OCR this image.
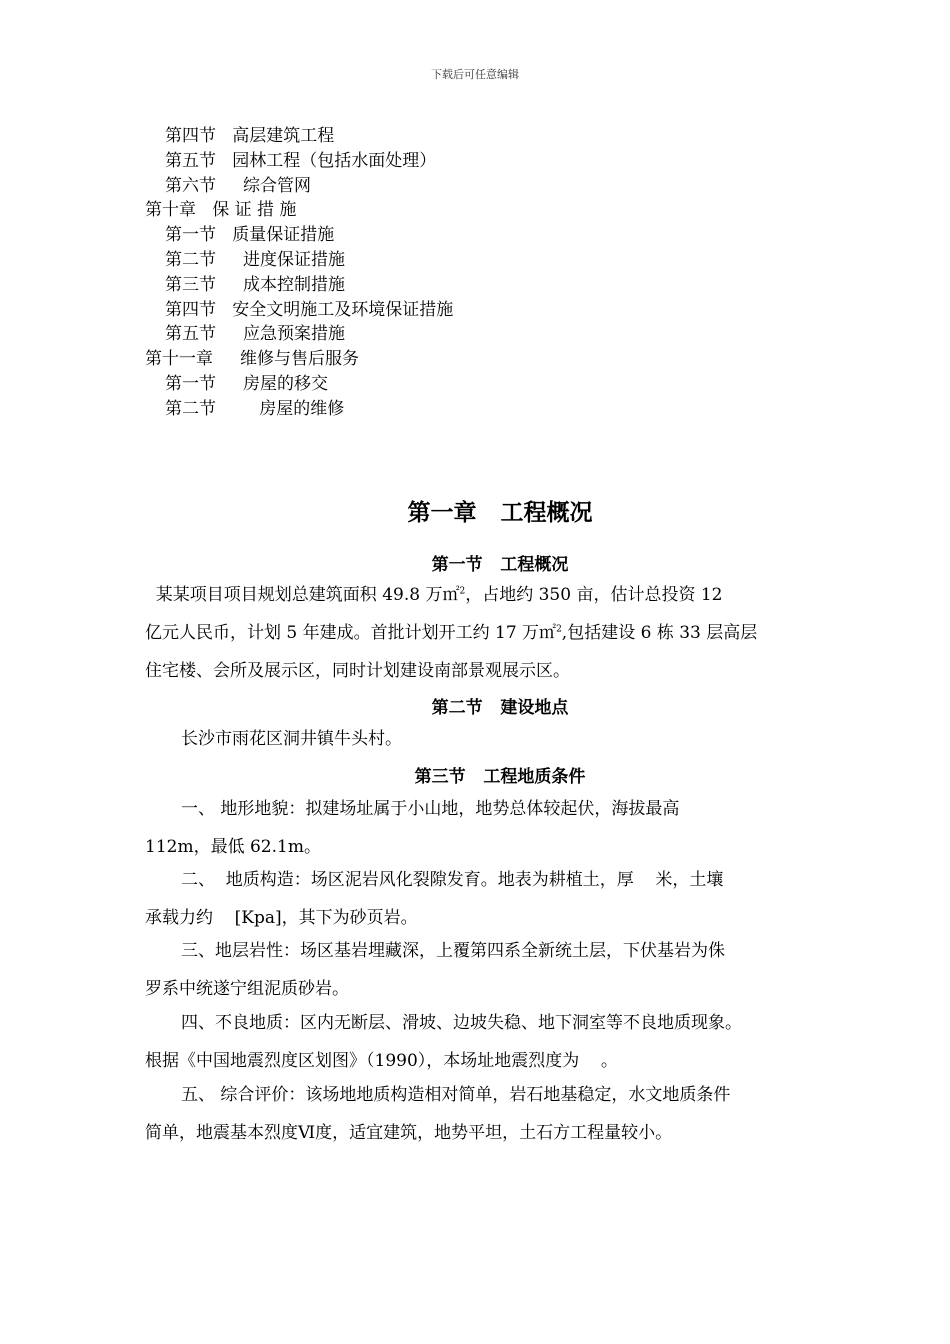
下载后可任意编辑
第四节   高层建筑工程
第五节   园林工程（包括水面处理）
第六节     综合管网
第十章   保 证 措 施
第一节   质量保证措施
第二节     进度保证措施
第三节     成本控制措施
第四节   安全文明施工及环境保证措施
第五节     应急预案措施
第十一章     维修与售后服务
第一节     房屋的移交
第二节        房屋的维修
第一章   工程概况
第一节   工程概况
某某项目项目规划总建筑面积 49.8 万㎡$^2$，占地约 350 亩，估计总投资 12
亿元人民币，计划 5 年建成。首批计划开工约 17 万㎡$^2$,包括建设 6 栋 33 层高层
住宅楼、会所及展示区，同时计划建设南部景观展示区。
第二节   建设地点
长沙市雨花区洞井镇牛头村。
第三节   工程地质条件
一、 地形地貌：拟建场址属于小山地，地势总体较起伏，海拔最高
112m，最低 62.1m。
二、  地质构造：场区泥岩风化裂隙发育。地表为耕植土，厚    米，土壤
承载力约    [Kpa]，其下为砂页岩。
三、地层岩性：场区基岩埋藏深，上覆第四系全新统土层，下伏基岩为侏
罗系中统遂宁组泥质砂岩。
四、不良地质：区内无断层、滑坡、边坡失稳、地下洞室等不良地质现象。
根据《中国地震烈度区划图》（1990），本场址地震烈度为    。
五、 综合评价：该场地地质构造相对简单，岩石地基稳定，水文地质条件
简单，地震基本烈度Ⅵ度，适宜建筑，地势平坦，土石方工程量较小。
